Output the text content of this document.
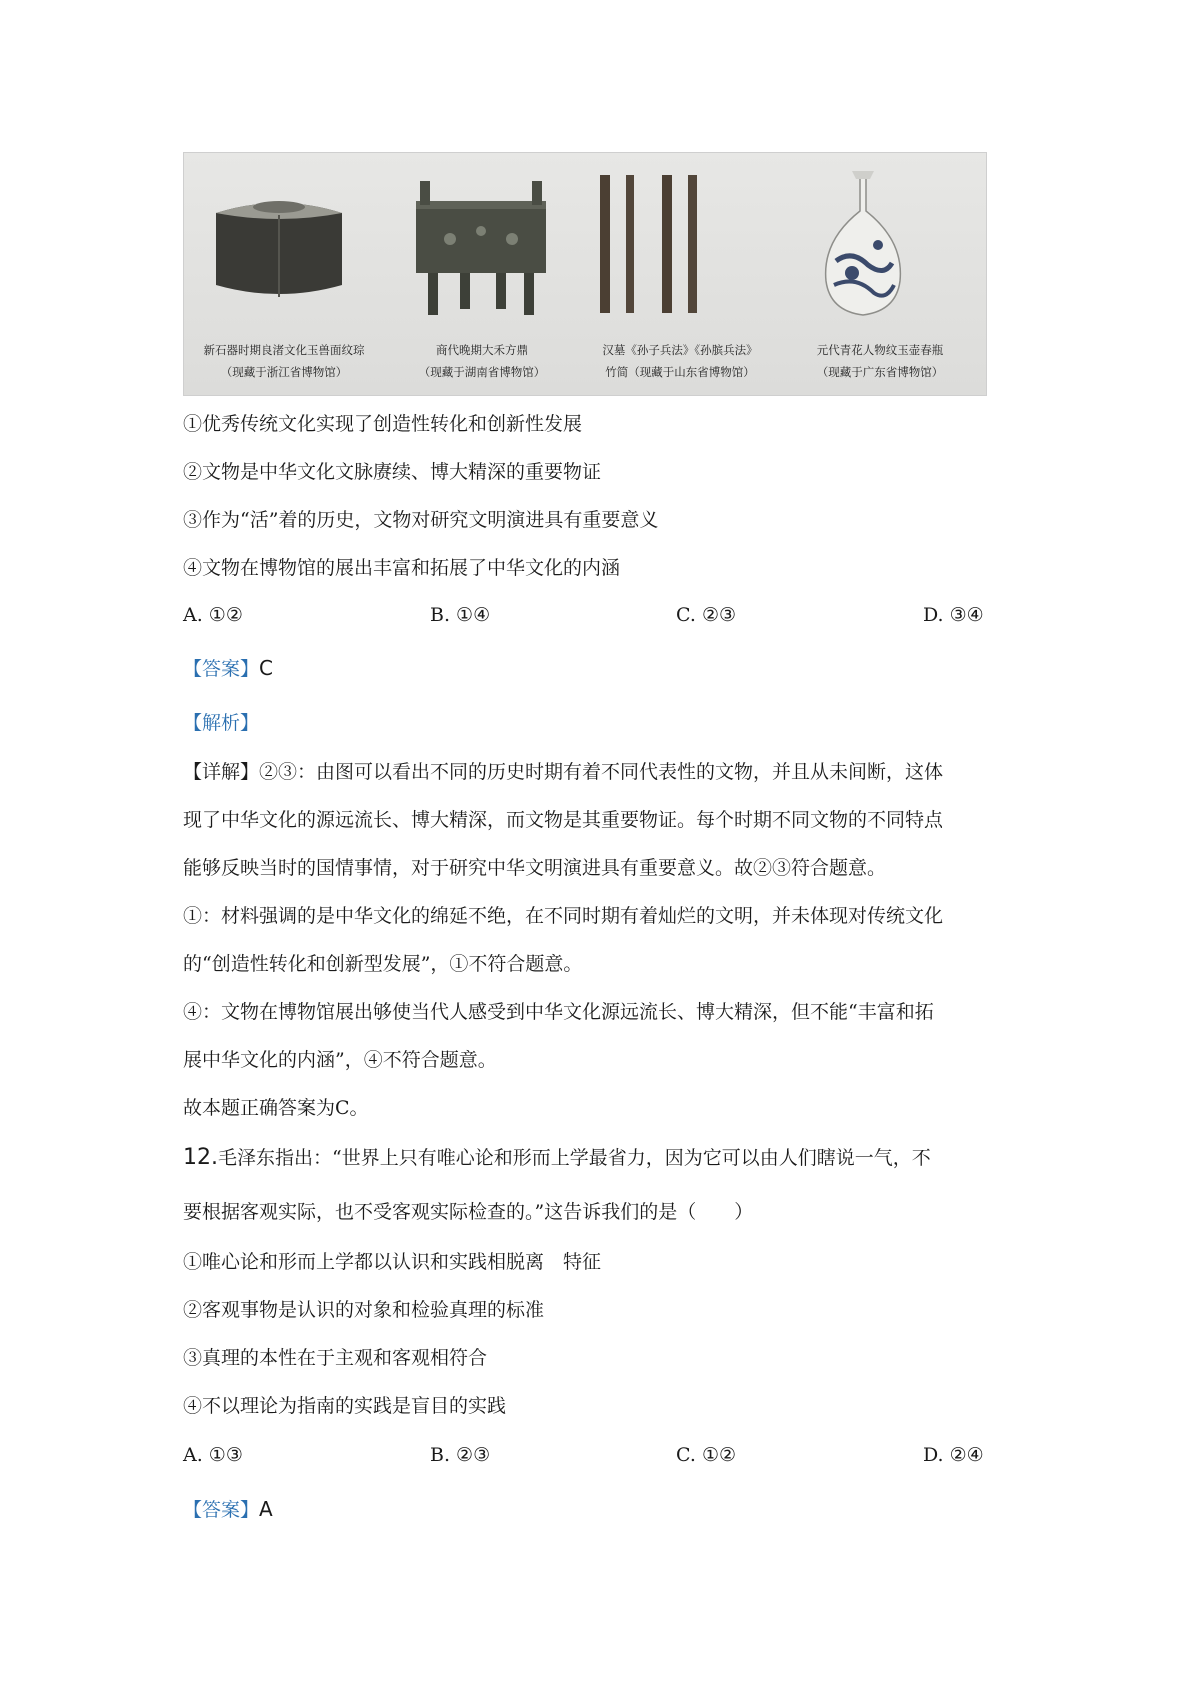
新石器时期良渚文化玉兽面纹琮
（现藏于浙江省博物馆）
商代晚期大禾方鼎
（现藏于湖南省博物馆）
汉墓《孙子兵法》《孙膑兵法》
竹简（现藏于山东省博物馆）
元代青花人物纹玉壶春瓶
（现藏于广东省博物馆）
①优秀传统文化实现了创造性转化和创新性发展
②文物是中华文化文脉赓续、博大精深的重要物证
③作为“活”着的历史，文物对研究文明演进具有重要意义
④文物在博物馆的展出丰富和拓展了中华文化的内涵
A. ①②	B. ①④	C. ②③	D. ③④
【答案】C
【解析】
【详解】②③：由图可以看出不同的历史时期有着不同代表性的文物，并且从未间断，这体
现了中华文化的源远流长、博大精深，而文物是其重要物证。每个时期不同文物的不同特点
能够反映当时的国情事情，对于研究中华文明演进具有重要意义。故②③符合题意。
①：材料强调的是中华文化的绵延不绝，在不同时期有着灿烂的文明，并未体现对传统文化
的“创造性转化和创新型发展”，①不符合题意。
④：文物在博物馆展出够使当代人感受到中华文化源远流长、博大精深，但不能“丰富和拓
展中华文化的内涵”，④不符合题意。
故本题正确答案为C。
12.毛泽东指出：“世界上只有唯心论和形而上学最省力，因为它可以由人们瞎说一气，不
要根据客观实际，也不受客观实际检查的。”这告诉我们的是（　　）
①唯心论和形而上学都以认识和实践相脱离　特征
②客观事物是认识的对象和检验真理的标准
③真理的本性在于主观和客观相符合
④不以理论为指南的实践是盲目的实践
A. ①③	B. ②③	C. ①②	D. ②④
【答案】A
